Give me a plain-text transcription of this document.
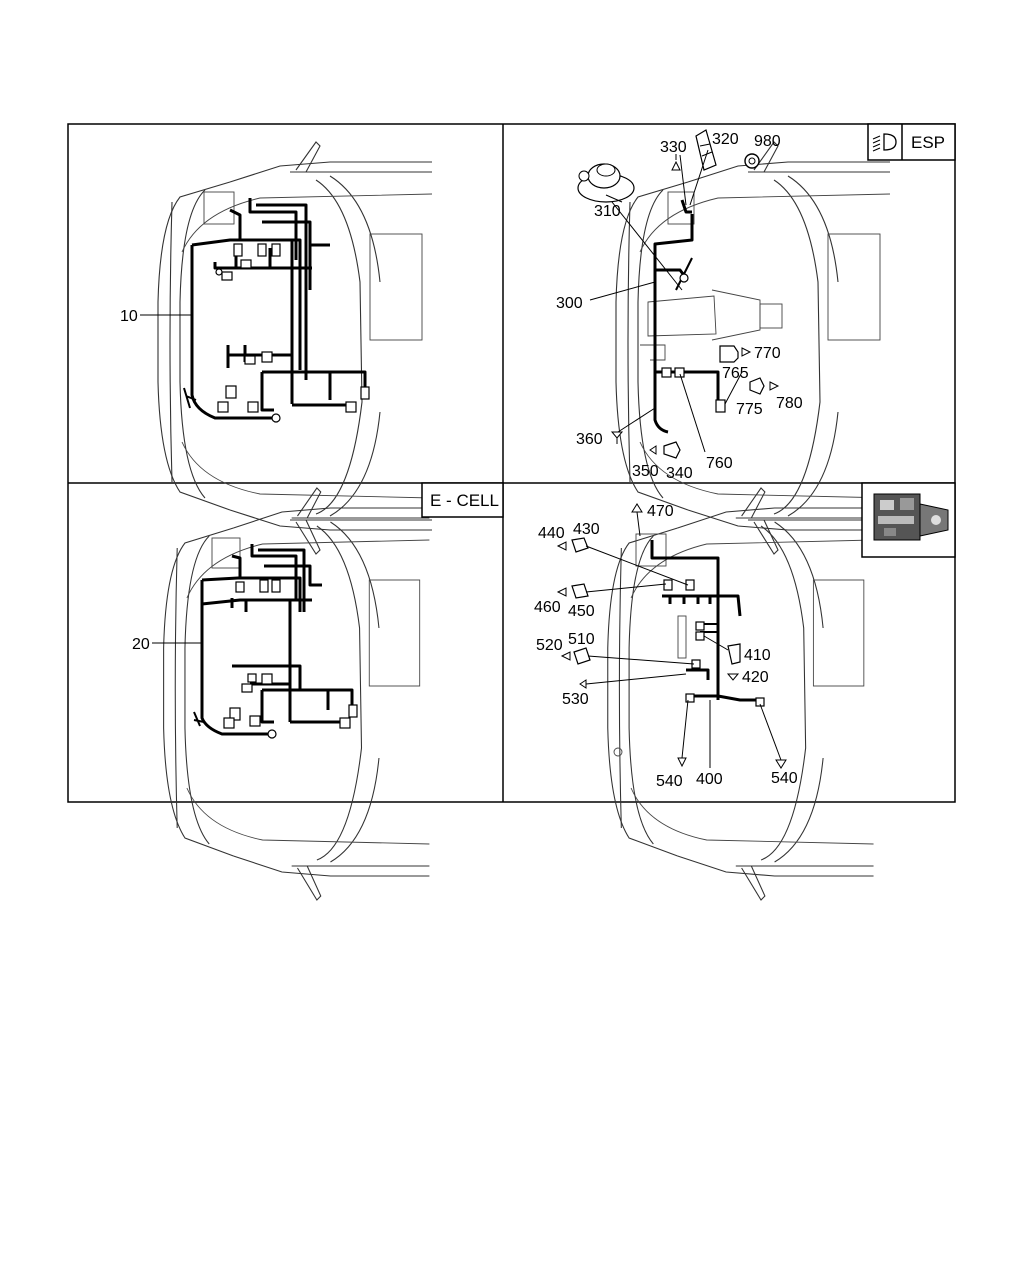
10
ESP
330 320 980
310
300
770
765
775 780
360
350 340
760
E - CELL
20
470
440 430
460 450
520 510
410
420
530
540 400	540
